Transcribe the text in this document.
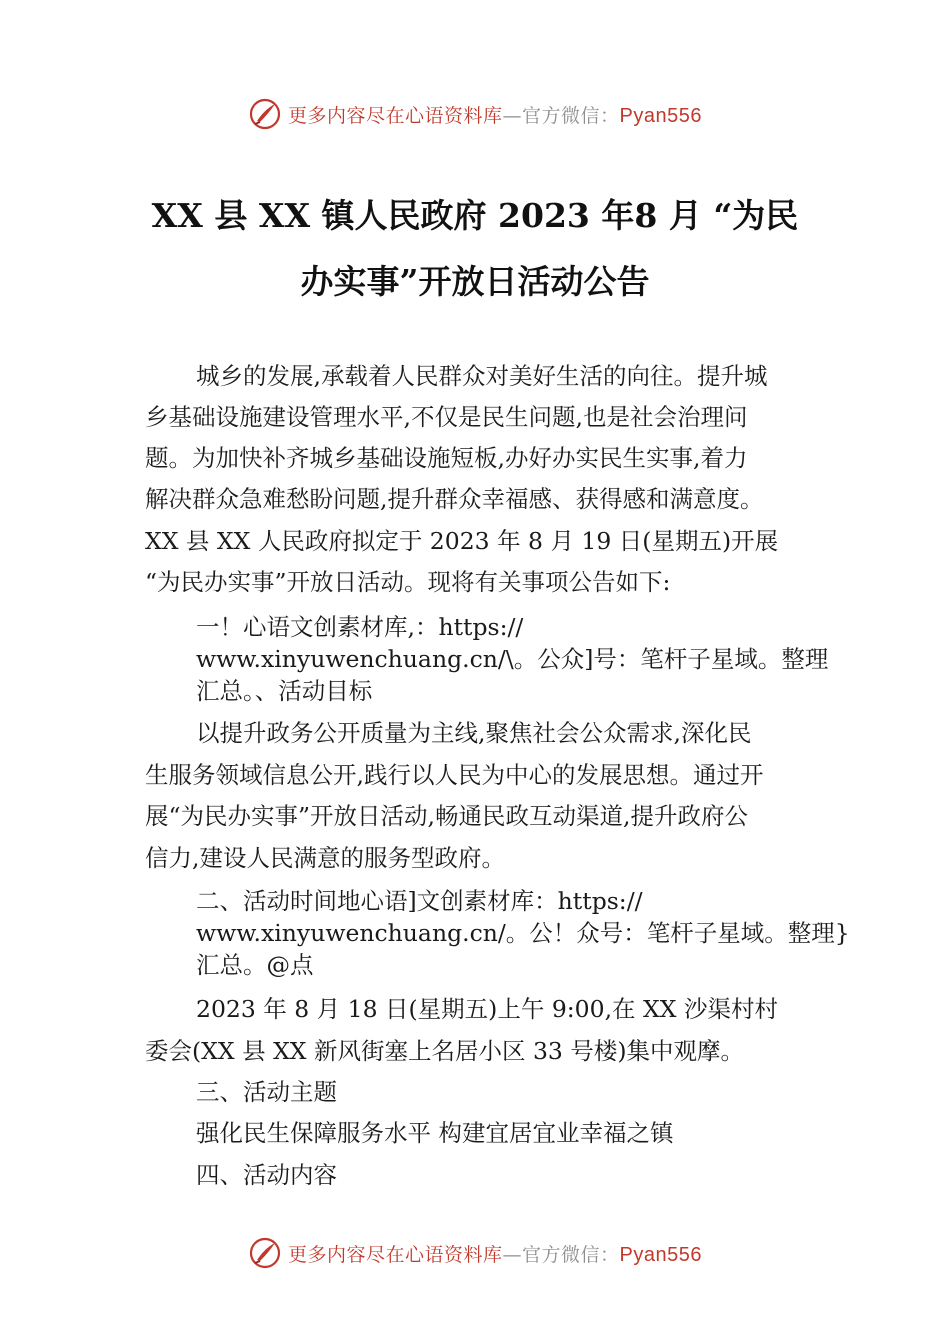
更多内容尽在心语资料库—官方微信：Pyan556
XX 县 XX 镇人民政府 2023 年8 月 “为民
办实事”开放日活动公告
城乡的发展,承载着人民群众对美好生活的向往。提升城
乡基础设施建设管理水平,不仅是民生问题,也是社会治理问
题。为加快补齐城乡基础设施短板,办好办实民生实事,着力
解决群众急难愁盼问题,提升群众幸福感、获得感和满意度。
XX 县 XX 人民政府拟定于 2023 年 8 月 19 日(星期五)开展
“为民办实事”开放日活动。现将有关事项公告如下:
一！心语文创素材库,：https://
www.xinyuwenchuang.cn/\。公众]号：笔杆子星域。整理
汇总。、活动目标
以提升政务公开质量为主线,聚焦社会公众需求,深化民
生服务领域信息公开,践行以人民为中心的发展思想。通过开
展“为民办实事”开放日活动,畅通民政互动渠道,提升政府公
信力,建设人民满意的服务型政府。
二、活动时间地心语]文创素材库：https://
www.xinyuwenchuang.cn/。公！众号：笔杆子星域。整理}
汇总。@点
2023 年 8 月 18 日(星期五)上午 9:00,在 XX 沙渠村村
委会(XX 县 XX 新风街塞上名居小区 33 号楼)集中观摩。
三、活动主题
强化民生保障服务水平 构建宜居宜业幸福之镇
四、活动内容
更多内容尽在心语资料库—官方微信：Pyan556
